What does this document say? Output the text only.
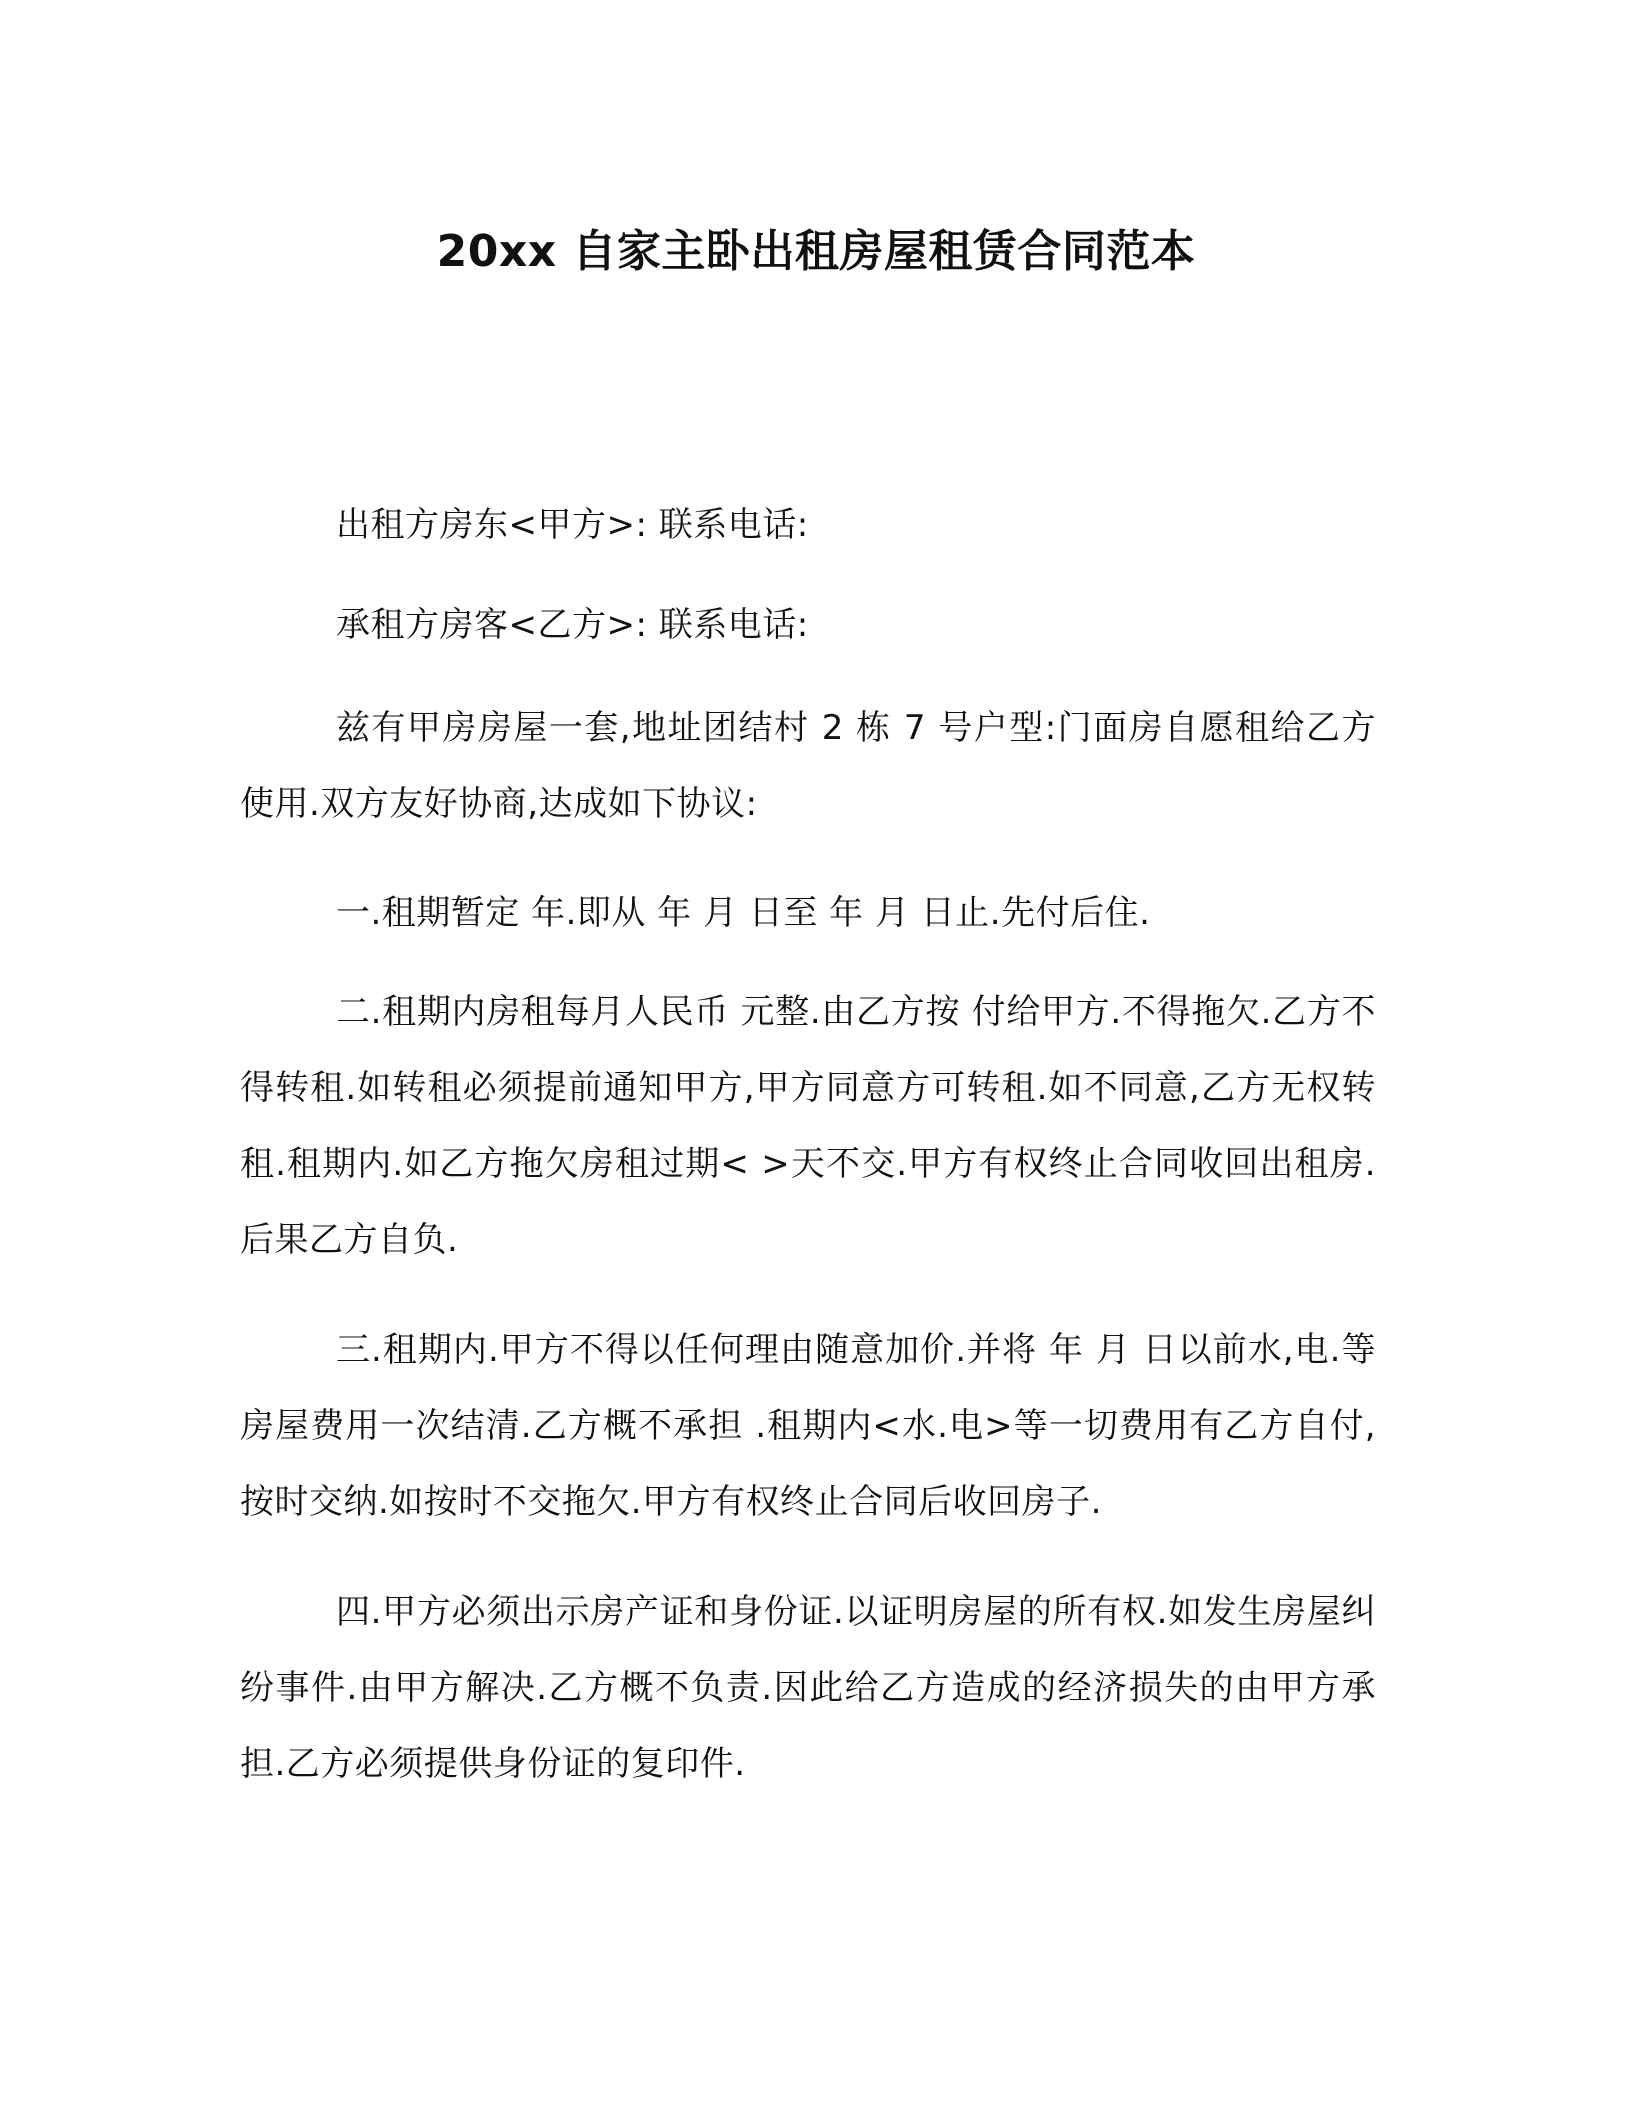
20xx 自家主卧出租房屋租赁合同范本

出租方房东<甲方>: 联系电话:

承租方房客<乙方>: 联系电话:

兹有甲房房屋一套,地址团结村 2 栋 7 号户型:门面房自愿租给乙方使用.双方友好协商,达成如下协议:

一.租期暂定 年.即从 年 月 日至 年 月 日止.先付后住.

二.租期内房租每月人民币 元整.由乙方按 付给甲方.不得拖欠.乙方不得转租.如转租必须提前通知甲方,甲方同意方可转租.如不同意,乙方无权转租.租期内.如乙方拖欠房租过期< >天不交.甲方有权终止合同收回出租房.后果乙方自负.

三.租期内.甲方不得以任何理由随意加价.并将 年 月 日以前水,电.等房屋费用一次结清.乙方概不承担 .租期内<水.电>等一切费用有乙方自付,按时交纳.如按时不交拖欠.甲方有权终止合同后收回房子.

四.甲方必须出示房产证和身份证.以证明房屋的所有权.如发生房屋纠纷事件.由甲方解决.乙方概不负责.因此给乙方造成的经济损失的由甲方承担.乙方必须提供身份证的复印件.
